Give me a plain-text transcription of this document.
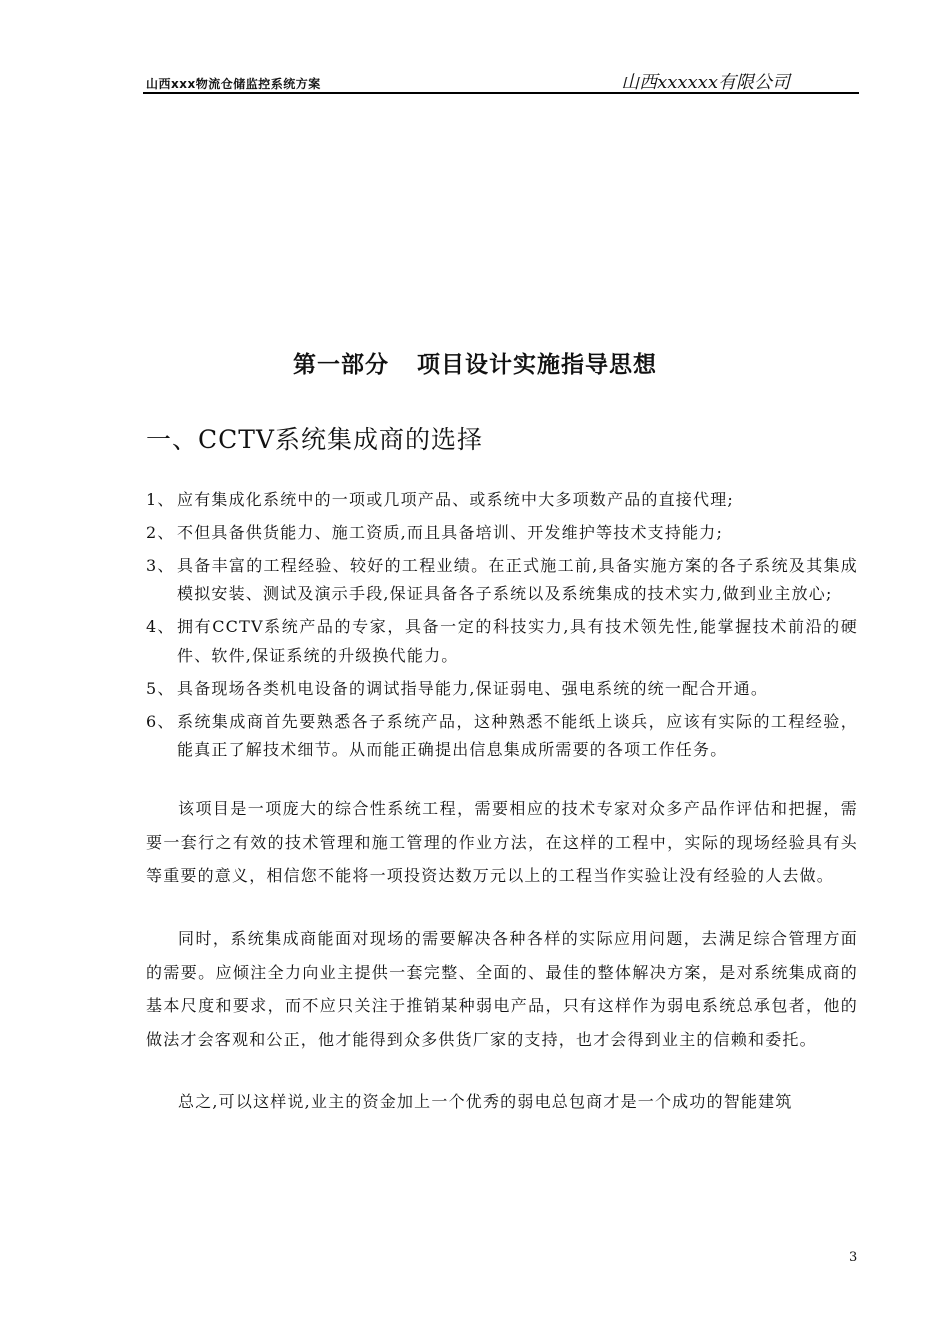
山西xxx物流仓储监控系统方案	山西xxxxxx有限公司
第一部分 项目设计实施指导思想
一、CCTV系统集成商的选择
1、 应有集成化系统中的一项或几项产品、或系统中大多项数产品的直接代理;
2、 不但具备供货能力、施工资质,而且具备培训、开发维护等技术支持能力;
3、 具备丰富的工程经验、较好的工程业绩。在正式施工前,具备实施方案的各子系统及其集成模拟安装、测试及演示手段,保证具备各子系统以及系统集成的技术实力,做到业主放心;
4、 拥有CCTV系统产品的专家，具备一定的科技实力,具有技术领先性,能掌握技术前沿的硬件、软件,保证系统的升级换代能力。
5、 具备现场各类机电设备的调试指导能力,保证弱电、强电系统的统一配合开通。
6、 系统集成商首先要熟悉各子系统产品，这种熟悉不能纸上谈兵，应该有实际的工程经验，能真正了解技术细节。从而能正确提出信息集成所需要的各项工作任务。

该项目是一项庞大的综合性系统工程，需要相应的技术专家对众多产品作评估和把握，需要一套行之有效的技术管理和施工管理的作业方法，在这样的工程中，实际的现场经验具有头等重要的意义，相信您不能将一项投资达数万元以上的工程当作实验让没有经验的人去做。

同时，系统集成商能面对现场的需要解决各种各样的实际应用问题，去满足综合管理方面的需要。应倾注全力向业主提供一套完整、全面的、最佳的整体解决方案，是对系统集成商的基本尺度和要求，而不应只关注于推销某种弱电产品，只有这样作为弱电系统总承包者，他的做法才会客观和公正，他才能得到众多供货厂家的支持，也才会得到业主的信赖和委托。

总之,可以这样说,业主的资金加上一个优秀的弱电总包商才是一个成功的智能建筑

3
